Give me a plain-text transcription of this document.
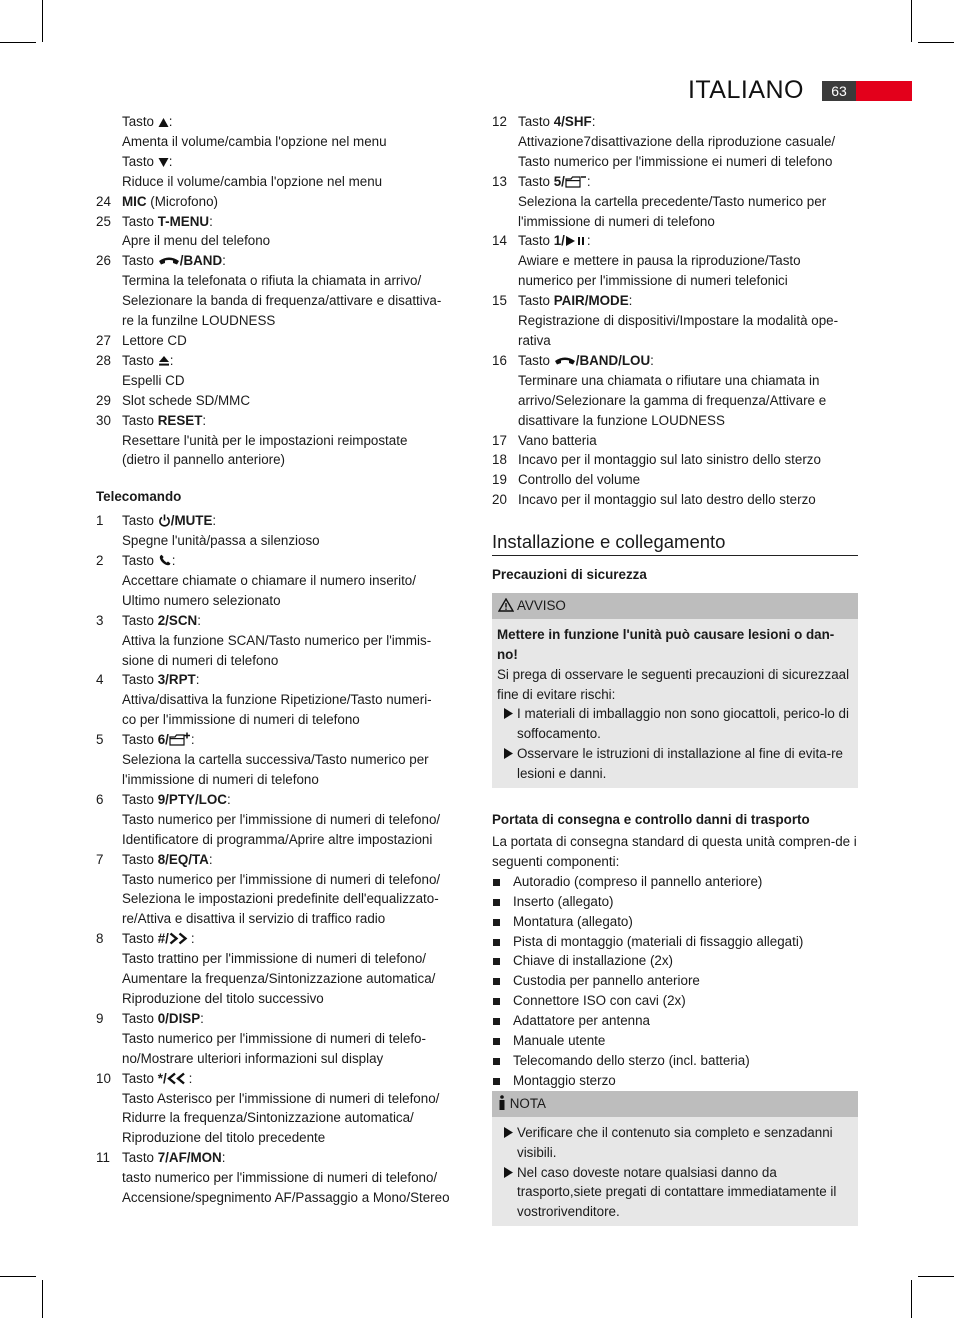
ITALIANO	63
Tasto :
Amenta il volume/cambia l'opzione nel menu
Tasto :
Riduce il volume/cambia l'opzione nel menu
24 MIC (Microfono)
25 Tasto T-MENU:
Apre il menu del telefono
26 Tasto /BAND:
Termina la telefonata o rifiuta la chiamata in arrivo/
Selezionare la banda di frequenza/attivare e disattiva-
re la funzilne LOUDNESS
27 Lettore CD
28 Tasto :
Espelli CD
29 Slot schede SD/MMC
30 Tasto RESET:
Resettare l'unità per le impostazioni reimpostate
(dietro il pannello anteriore)
Telecomando
1	Tasto /MUTE:
Spegne l'unità/passa a silenzioso
2	Tasto :
Accettare chiamate o chiamare il numero inserito/
Ultimo numero selezionato
3	Tasto 2/SCN:
Attiva la funzione SCAN/Tasto numerico per l'immis-
sione di numeri di telefono
4	Tasto 3/RPT:
Attiva/disattiva la funzione Ripetizione/Tasto numeri-
co per l'immissione di numeri di telefono
5	Tasto 6/ :
Seleziona la cartella successiva/Tasto numerico per
l'immissione di numeri di telefono
6	Tasto 9/PTY/LOC:
Tasto numerico per l'immissione di numeri di telefono/
Identificatore di programma/Aprire altre impostazioni
7	Tasto 8/EQ/TA:
Tasto numerico per l'immissione di numeri di telefono/
Seleziona le impostazioni predefinite dell'equalizzato-
re/Attiva e disattiva il servizio di traffico radio
8	Tasto #/ :
Tasto trattino per l'immissione di numeri di telefono/
Aumentare la frequenza/Sintonizzazione automatica/
Riproduzione del titolo successivo
9	Tasto 0/DISP:
Tasto numerico per l'immissione di numeri di telefo-
no/Mostrare ulteriori informazioni sul display
10 Tasto */ :
Tasto Asterisco per l'immissione di numeri di telefono/
Ridurre la frequenza/Sintonizzazione automatica/
Riproduzione del titolo precedente
11 Tasto 7/AF/MON:
tasto numerico per l'immissione di numeri di telefono/
Accensione/spegnimento AF/Passaggio a Mono/Stereo
12 Tasto 4/SHF:
Attivazione7disattivazione della riproduzione casuale/
Tasto numerico per l'immissione ei numeri di telefono
13 Tasto 5/ :
Seleziona la cartella precedente/Tasto numerico per
l'immissione di numeri di telefono
14 Tasto 1/ :
Awiare e mettere in pausa la riproduzione/Tasto
numerico per l'immissione di numeri telefonici
15 Tasto PAIR/MODE:
Registrazione di dispositivi/Impostare la modalità ope-
rativa
16 Tasto /BAND/LOU:
Terminare una chiamata o rifiutare una chiamata in
arrivo/Selezionare la gamma di frequenza/Attivare e
disattivare la funzione LOUDNESS
17 Vano batteria
18 Incavo per il montaggio sul lato sinistro dello sterzo
19 Controllo del volume
20 Incavo per il montaggio sul lato destro dello sterzo
Installazione e collegamento
Precauzioni di sicurezza
AVVISO
Mettere in funzione l'unità può causare lesioni o dan-no!
Si prega di osservare le seguenti precauzioni di sicurezzaal fine di evitare rischi:
I materiali di imballaggio non sono giocattoli, perico-lo di soffocamento.
Osservare le istruzioni di installazione al fine di evita-re lesioni e danni.
Portata di consegna e controllo danni di trasporto
La portata di consegna standard di questa unità compren-de i seguenti componenti:
Autoradio (compreso il pannello anteriore)
Inserto (allegato)
Montatura (allegato)
Pista di montaggio (materiali di fissaggio allegati)
Chiave di installazione (2x)
Custodia per pannello anteriore
Connettore ISO con cavi (2x)
Adattatore per antenna
Manuale utente
Telecomando dello sterzo (incl. batteria)
Montaggio sterzo
NOTA
Verificare che il contenuto sia completo e senzadanni visibili.
Nel caso doveste notare qualsiasi danno da trasporto,siete pregati di contattare immediatamente il vostrorivenditore.
